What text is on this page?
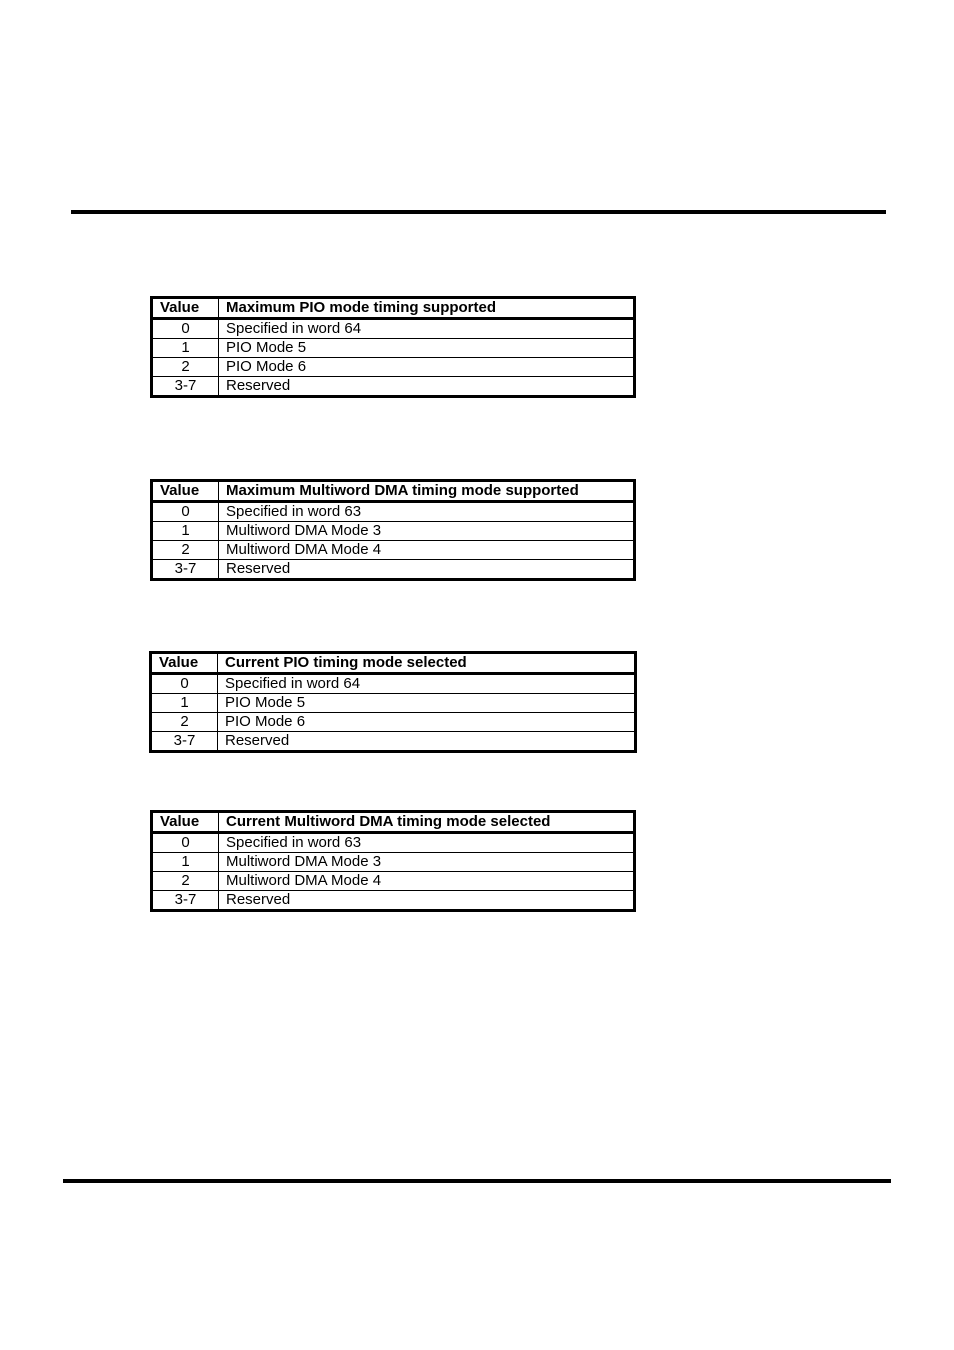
Value	Maximum PIO mode timing supported
0	Specified in word 64
1	PIO Mode 5
2	PIO Mode 6
3-7	Reserved
Value	Maximum Multiword DMA timing mode supported
0	Specified in word 63
1	Multiword DMA Mode 3
2	Multiword DMA Mode 4
3-7	Reserved
Value	Current PIO timing mode selected
0	Specified in word 64
1	PIO Mode 5
2	PIO Mode 6
3-7	Reserved
Value	Current Multiword DMA timing mode selected
0	Specified in word 63
1	Multiword DMA Mode 3
2	Multiword DMA Mode 4
3-7	Reserved
